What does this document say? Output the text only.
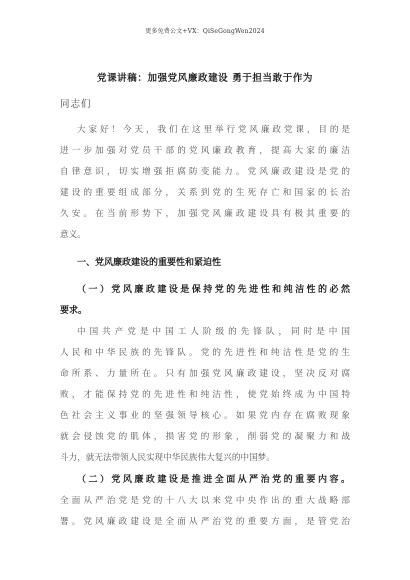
更多免费公文+VX：QiSeGongWen2024
党课讲稿：加强党风廉政建设 勇于担当敢于作为
同志们
大家好！今天，我们在这里举行党风廉政党课，目的是
进一步加强对党员干部的党风廉政教育，提高大家的廉洁
自律意识，切实增强拒腐防变能力。党风廉政建设是党的
建设的重要组成部分，关系到党的生死存亡和国家的长治
久安。在当前形势下，加强党风廉政建设具有极其重要的
意义。
一、党风廉政建设的重要性和紧迫性
（一）党风廉政建设是保持党的先进性和纯洁性的必然
要求。
中国共产党是中国工人阶级的先锋队，同时是中国
人民和中华民族的先锋队。党的先进性和纯洁性是党的生
命所系、力量所在。只有加强党风廉政建设，坚决反对腐
败，才能保持党的先进性和纯洁性，使党始终成为中国特
色社会主义事业的坚强领导核心。如果党内存在腐败现象
就会侵蚀党的肌体，损害党的形象，削弱党的凝聚力和战
斗力，就无法带领人民实现中华民族伟大复兴的中国梦。
（二）党风廉政建设是推进全面从严治党的重要内容。
全面从严治党是党的十八大以来党中央作出的重大战略部
署。党风廉政建设是全面从严治党的重要方面，是管党治
